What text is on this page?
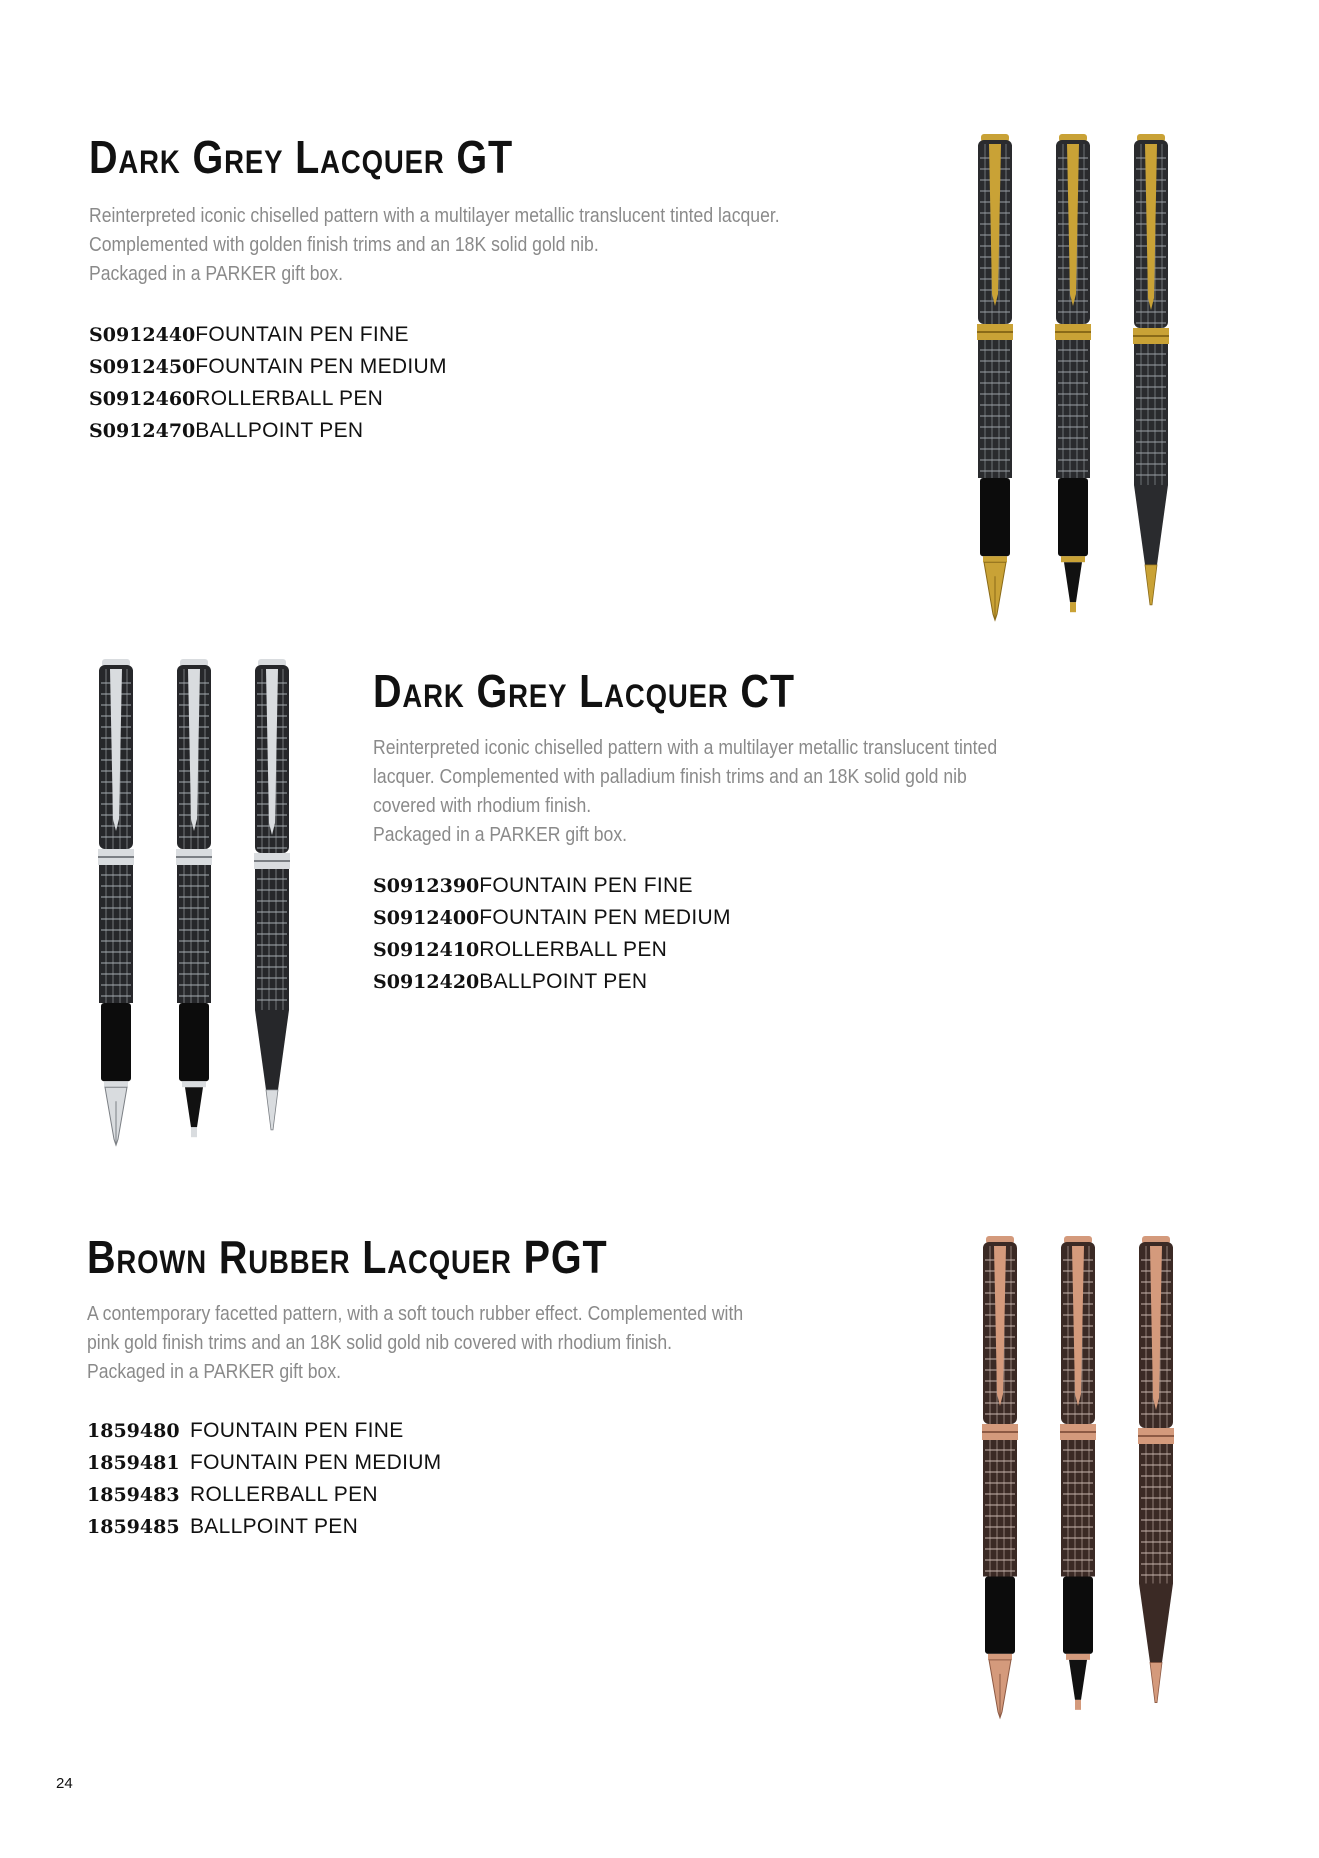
Dark Grey Lacquer GT

Reinterpreted iconic chiselled pattern with a multilayer metallic translucent tinted lacquer.

Complemented with golden finish trims and an 18K solid gold nib.

Packaged in a PARKER gift box.

S0912440	FOUNTAIN PEN FINE
S0912450	FOUNTAIN PEN MEDIUM
S0912460	ROLLERBALL PEN
S0912470	BALLPOINT PEN
Dark Grey Lacquer CT

Reinterpreted iconic chiselled pattern with a multilayer metallic translucent tinted

lacquer. Complemented with palladium finish trims and an 18K solid gold nib

covered with rhodium finish.

Packaged in a PARKER gift box.

S0912390	FOUNTAIN PEN FINE
S0912400	FOUNTAIN PEN MEDIUM
S0912410	ROLLERBALL PEN
S0912420	BALLPOINT PEN
Brown Rubber Lacquer PGT

A contemporary facetted pattern, with a soft touch rubber effect. Complemented with

pink gold finish trims and an 18K solid gold nib covered with rhodium finish.

Packaged in a PARKER gift box.

1859480	FOUNTAIN PEN FINE
1859481	FOUNTAIN PEN MEDIUM
1859483	ROLLERBALL PEN
1859485	BALLPOINT PEN
24
